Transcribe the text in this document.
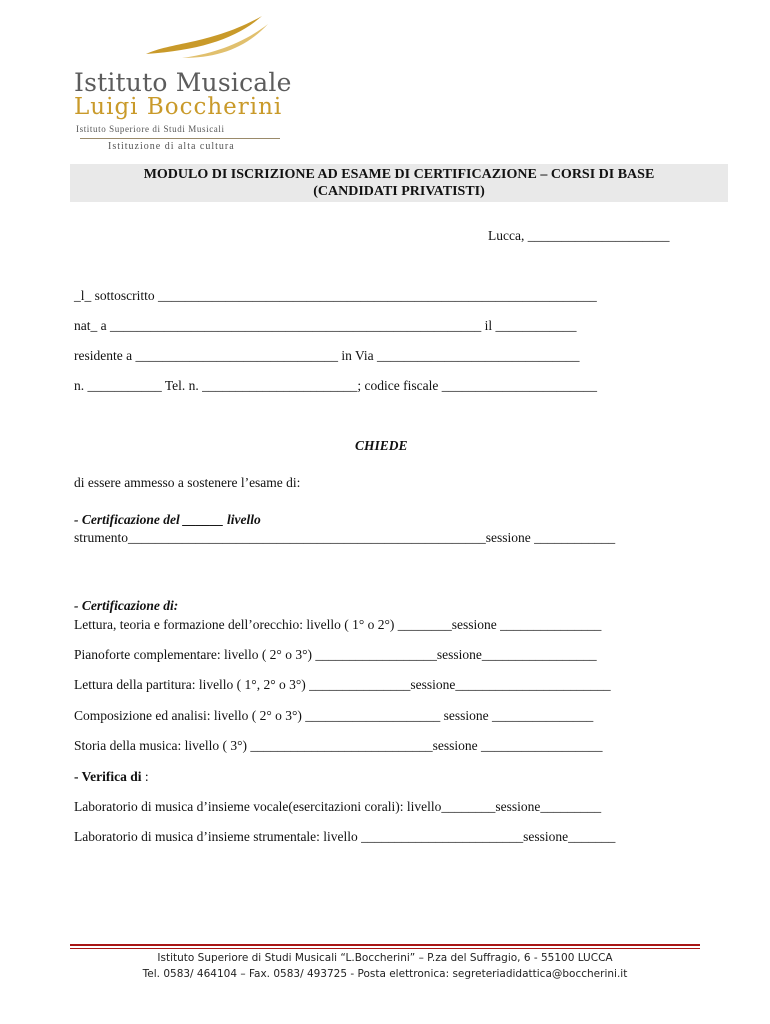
Istituto Musicale
Luigi Boccherini
Istituto Superiore di Studi Musicali
Istituzione di alta cultura
MODULO DI ISCRIZIONE AD ESAME DI CERTIFICAZIONE – CORSI DI BASE
(CANDIDATI PRIVATISTI)
Lucca, _____________________
_l_ sottoscritto _________________________________________________________________
nat_ a _______________________________________________________ il ____________
residente a ______________________________ in Via ______________________________
n. ___________ Tel. n. _______________________; codice fiscale _______________________
CHIEDE
di essere ammesso a sostenere l’esame di:
- Certificazione del ______ livello
strumento_____________________________________________________sessione ____________
- Certificazione di:
Lettura, teoria e formazione dell’orecchio: livello ( 1° o 2°) ________sessione _______________
Pianoforte complementare: livello ( 2° o 3°) __________________sessione_________________
Lettura della partitura: livello ( 1°, 2° o 3°) _______________sessione_______________________
Composizione ed analisi: livello ( 2° o 3°) ____________________ sessione _______________
Storia della musica: livello ( 3°) ___________________________sessione __________________
- Verifica di :
Laboratorio di musica d’insieme vocale(esercitazioni corali): livello________sessione_________
Laboratorio di musica d’insieme strumentale: livello ________________________sessione_______
Istituto Superiore di Studi Musicali “L.Boccherini” – P.za del Suffragio, 6 - 55100 LUCCA
Tel. 0583/ 464104 – Fax. 0583/ 493725 - Posta elettronica: segreteriadidattica@boccherini.it
